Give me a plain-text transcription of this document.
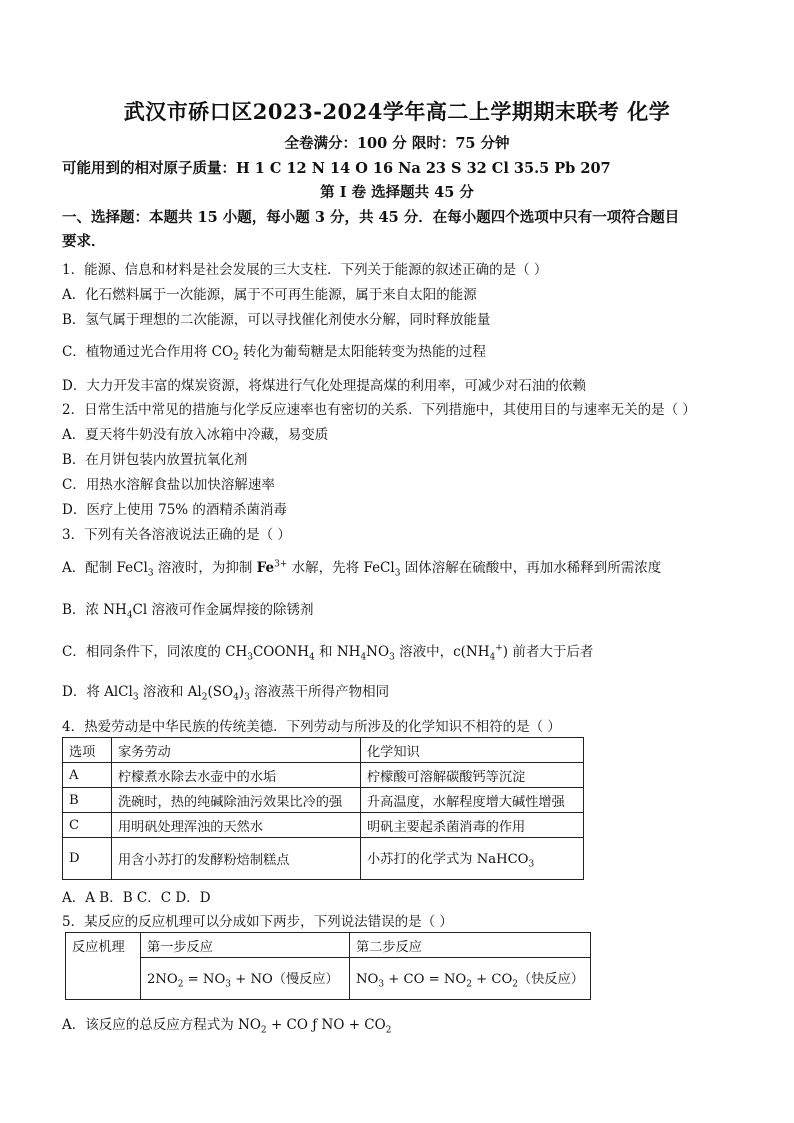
武汉市硚口区2023-2024学年高二上学期期末联考 化学
全卷满分：100 分 限时：75 分钟
可能用到的相对原子质量：H 1 C 12 N 14 O 16 Na 23 S 32 Cl 35.5 Pb 207
第 I 卷 选择题共 45 分
一、选择题：本题共 15 小题，每小题 3 分，共 45 分．在每小题四个选项中只有一项符合题目
要求．
1．能源、信息和材料是社会发展的三大支柱．下列关于能源的叙述正确的是（ ）
A．化石燃料属于一次能源，属于不可再生能源，属于来自太阳的能源
B．氢气属于理想的二次能源，可以寻找催化剂使水分解，同时释放能量
C．植物通过光合作用将 $CO_2$ 转化为葡萄糖是太阳能转变为热能的过程
D．大力开发丰富的煤炭资源，将煤进行气化处理提高煤的利用率，可减少对石油的依赖
2．日常生活中常见的措施与化学反应速率也有密切的关系．下列措施中，其使用目的与速率无关的是（ ）
A．夏天将牛奶没有放入冰箱中冷藏，易变质
B．在月饼包装内放置抗氧化剂
C．用热水溶解食盐以加快溶解速率
D．医疗上使用 75% 的酒精杀菌消毒
3．下列有关各溶液说法正确的是（ ）
A．配制 FeCl$_3$ 溶液时，为抑制 $Fe^{3+}$ 水解，先将 FeCl$_3$ 固体溶解在硫酸中，再加水稀释到所需浓度
B．浓 $NH_4Cl$ 溶液可作金属焊接的除锈剂
C．相同条件下，同浓度的 $CH_3COONH_4$ 和 $NH_4NO_3$ 溶液中，$c(NH_4^+)$ 前者大于后者
D．将 AlCl$_3$ 溶液和 $Al_2(SO_4)_3$ 溶液蒸干所得产物相同
4．热爱劳动是中华民族的传统美德．下列劳动与所涉及的化学知识不相符的是（ ）
选项	家务劳动	化学知识
A	柠檬煮水除去水壶中的水垢	柠檬酸可溶解碳酸钙等沉淀
B	洗碗时，热的纯碱除油污效果比冷的强	升高温度，水解程度增大碱性增强
C	用明矾处理浑浊的天然水	明矾主要起杀菌消毒的作用
D	用含小苏打的发酵粉焙制糕点	小苏打的化学式为 NaHCO$_3$
A．A B．B C．C D．D
5．某反应的反应机理可以分成如下两步，下列说法错误的是（ ）
反应机理	第一步反应	第二步反应
	$2NO_2 = NO_3 + NO$（慢反应）	$NO_3$ + CO = $NO_2 + CO_2$（快反应）
A．该反应的总反应方程式为 $NO_2$ + CO ƒ NO + $CO_2$
